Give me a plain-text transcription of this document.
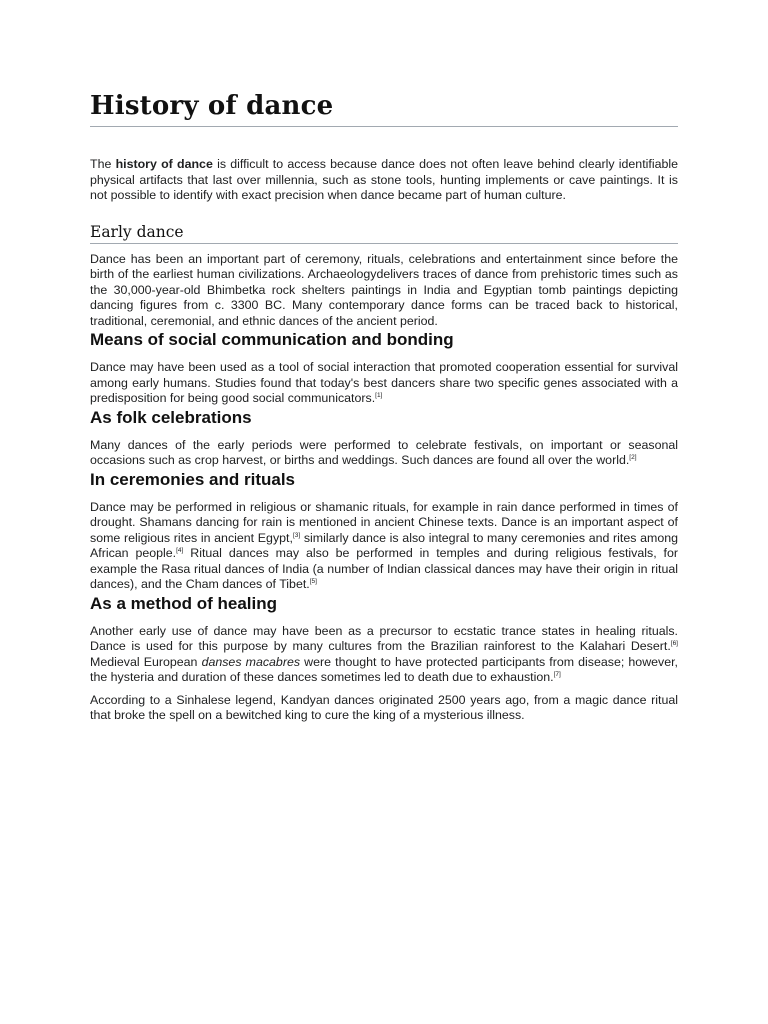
History of dance

The history of dance is difficult to access because dance does not often leave behind clearly identifiable physical artifacts that last over millennia, such as stone tools, hunting implements or cave paintings. It is not possible to identify with exact precision when dance became part of human culture.

Early dance

Dance has been an important part of ceremony, rituals, celebrations and entertainment since before the birth of the earliest human civilizations. Archaeologydelivers traces of dance from prehistoric times such as the 30,000-year-old Bhimbetka rock shelters paintings in India and Egyptian tomb paintings depicting dancing figures from c. 3300 BC. Many contemporary dance forms can be traced back to historical, traditional, ceremonial, and ethnic dances of the ancient period.

Means of social communication and bonding

Dance may have been used as a tool of social interaction that promoted cooperation essential for survival among early humans. Studies found that today's best dancers share two specific genes associated with a predisposition for being good social communicators.[1]

As folk celebrations

Many dances of the early periods were performed to celebrate festivals, on important or seasonal occasions such as crop harvest, or births and weddings. Such dances are found all over the world.[2]

In ceremonies and rituals

Dance may be performed in religious or shamanic rituals, for example in rain dance performed in times of drought. Shamans dancing for rain is mentioned in ancient Chinese texts. Dance is an important aspect of some religious rites in ancient Egypt,[3] similarly dance is also integral to many ceremonies and rites among African people.[4] Ritual dances may also be performed in temples and during religious festivals, for example the Rasa ritual dances of India (a number of Indian classical dances may have their origin in ritual dances), and the Cham dances of Tibet.[5]

As a method of healing

Another early use of dance may have been as a precursor to ecstatic trance states in healing rituals. Dance is used for this purpose by many cultures from the Brazilian rainforest to the Kalahari Desert.[6] Medieval European danses macabres were thought to have protected participants from disease; however, the hysteria and duration of these dances sometimes led to death due to exhaustion.[7]

According to a Sinhalese legend, Kandyan dances originated 2500 years ago, from a magic dance ritual that broke the spell on a bewitched king to cure the king of a mysterious illness.
